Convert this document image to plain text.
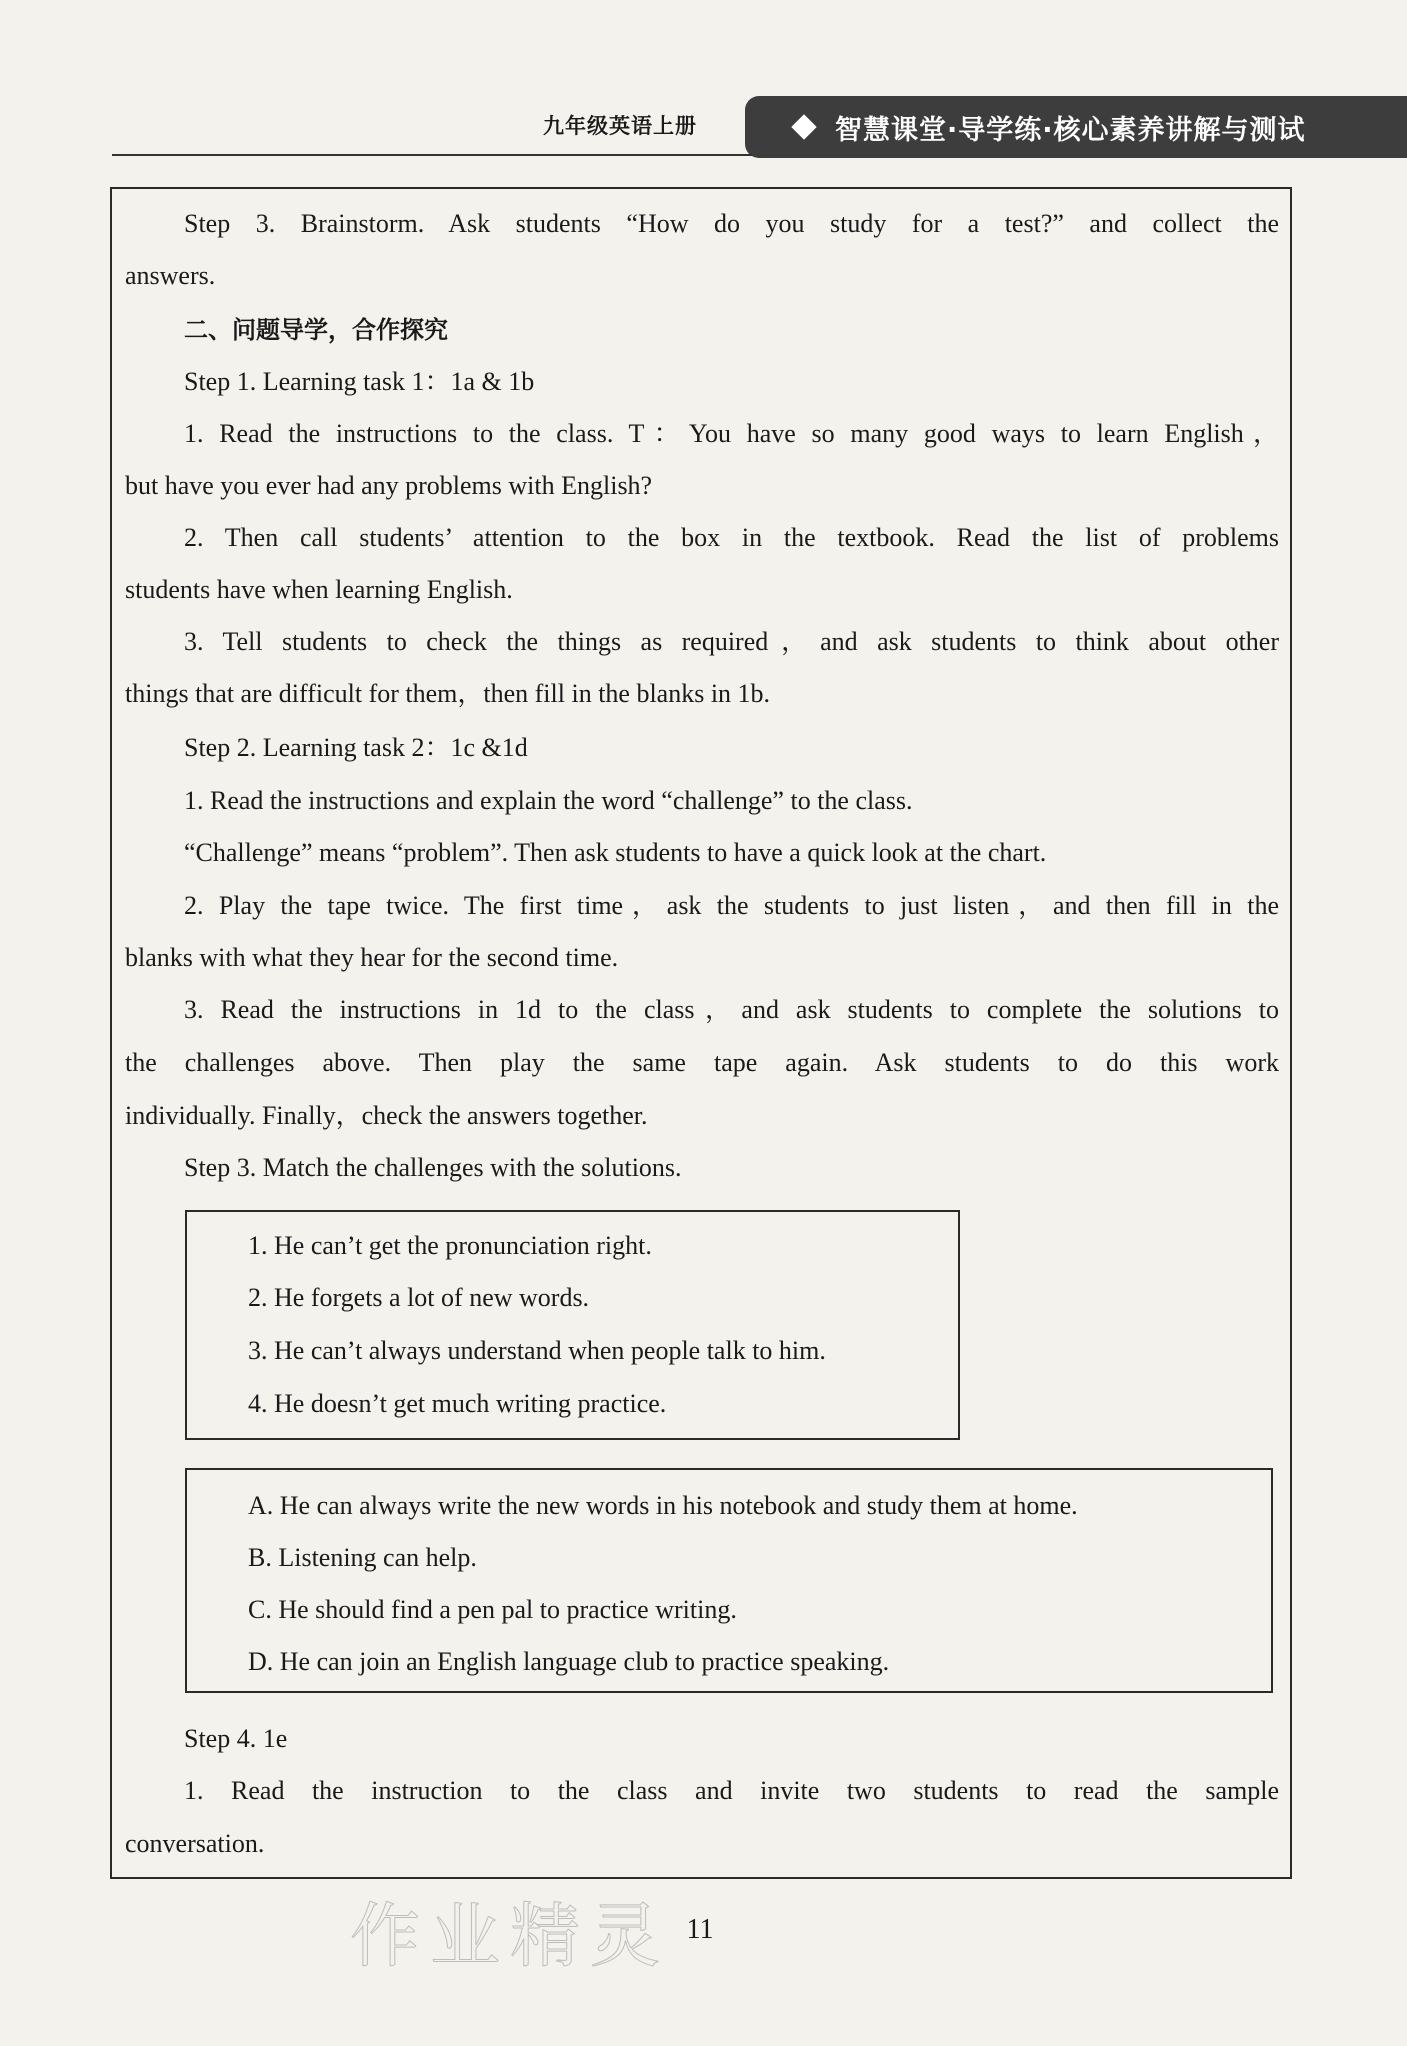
九年级英语上册	智慧课堂·导学练·核心素养讲解与测试
Step 3. Brainstorm. Ask students “How do you study for a test?” and collect the
answers.
二、问题导学，合作探究
Step 1. Learning task 1：1a & 1b
1. Read the instructions to the class. T：You have so many good ways to learn English，
but have you ever had any problems with English?
2. Then call students’ attention to the box in the textbook. Read the list of problems
students have when learning English.
3. Tell students to check the things as required，and ask students to think about other
things that are difficult for them，then fill in the blanks in 1b.
Step 2. Learning task 2：1c &1d
1. Read the instructions and explain the word “challenge” to the class.
“Challenge” means “problem”. Then ask students to have a quick look at the chart.
2. Play the tape twice. The first time，ask the students to just listen，and then fill in the
blanks with what they hear for the second time.
3. Read the instructions in 1d to the class，and ask students to complete the solutions to
the challenges above. Then play the same tape again. Ask students to do this work
individually. Finally，check the answers together.
Step 3. Match the challenges with the solutions.
1. He can’t get the pronunciation right.
2. He forgets a lot of new words.
3. He can’t always understand when people talk to him.
4. He doesn’t get much writing practice.
A. He can always write the new words in his notebook and study them at home.
B. Listening can help.
C. He should find a pen pal to practice writing.
D. He can join an English language club to practice speaking.
Step 4. 1e
1. Read the instruction to the class and invite two students to read the sample
conversation.
作业精灵 11
